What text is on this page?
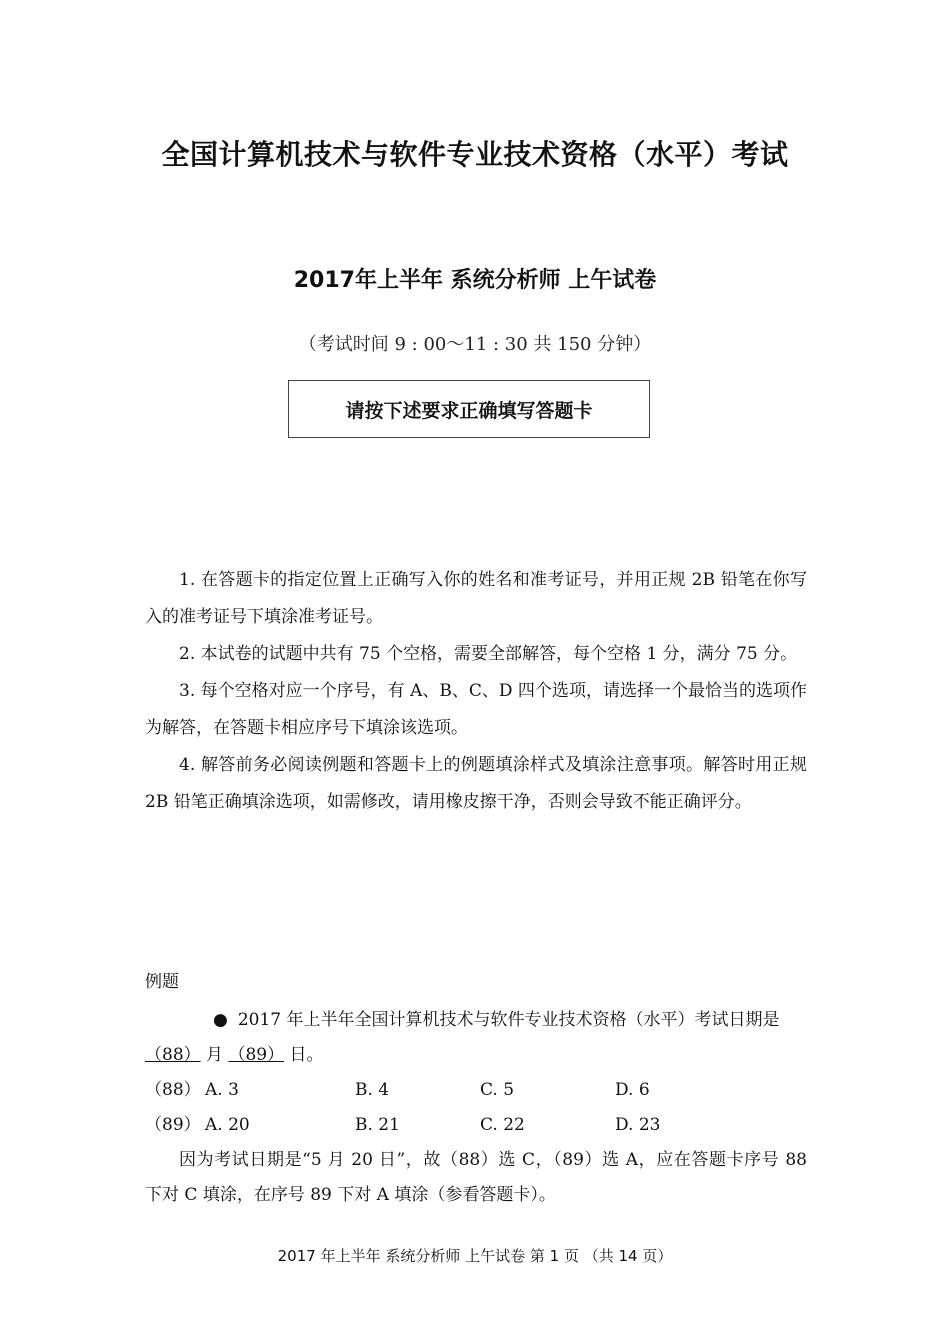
全国计算机技术与软件专业技术资格（水平）考试
2017年上半年 系统分析师 上午试卷
（考试时间 9 : 00～11 : 30 共 150 分钟）
请按下述要求正确填写答题卡

1. 在答题卡的指定位置上正确写入你的姓名和准考证号，并用正规 2B 铅笔在你写入的准考证号下填涂准考证号。

2. 本试卷的试题中共有 75 个空格，需要全部解答，每个空格 1 分，满分 75 分。

3. 每个空格对应一个序号，有 A、B、C、D 四个选项，请选择一个最恰当的选项作为解答，在答题卡相应序号下填涂该选项。

4. 解答前务必阅读例题和答题卡上的例题填涂样式及填涂注意事项。解答时用正规 2B 铅笔正确填涂选项，如需修改，请用橡皮擦干净，否则会导致不能正确评分。

例题

● 2017 年上半年全国计算机技术与软件专业技术资格（水平）考试日期是（88） 月 （89） 日。

（88） A. 3	B. 4	C. 5	D. 6

（89） A. 20	B. 21	C. 22	D. 23

因为考试日期是“5 月 20 日”，故（88）选 C，（89）选 A，应在答题卡序号 88 下对 C 填涂，在序号 89 下对 A 填涂（参看答题卡）。

2017 年上半年 系统分析师 上午试卷 第 1 页 （共 14 页）
